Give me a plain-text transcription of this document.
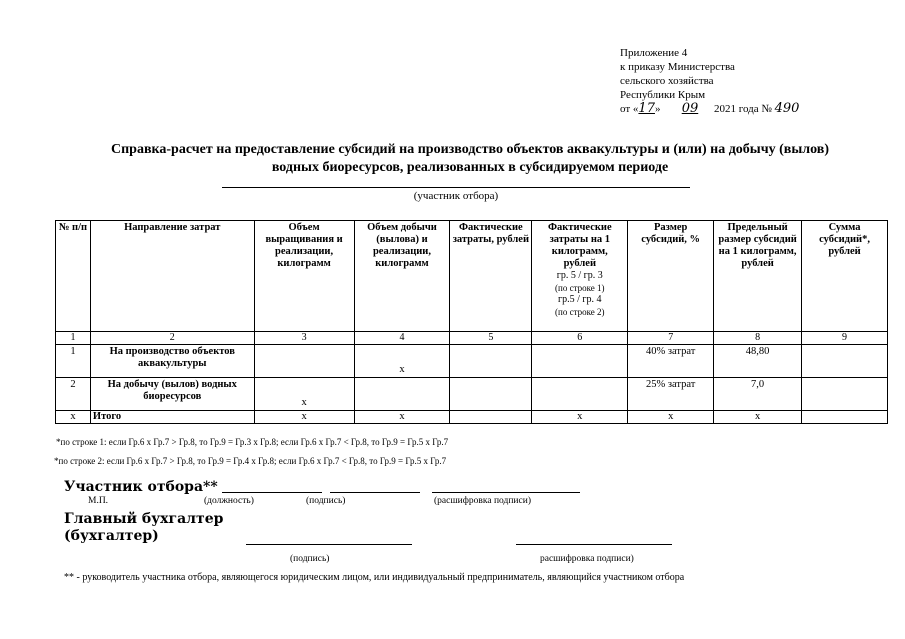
Приложение 4
к приказу Министерства
сельского хозяйства
Республики Крым
от «17» 09 2021 года № 490
Справка-расчет на предоставление субсидий на производство объектов аквакультуры и (или) на добычу (вылов)
водных биоресурсов, реализованных в субсидируемом периоде
(участник отбора)
№ п/п	Направление затрат	Объем выращивания и реализации, килограмм	Объем добычи (вылова) и реализации, килограмм	Фактические затраты, рублей	Фактические затраты на 1 килограмм, рублей
гр. 5 / гр. 3
(по строке 1)
гр.5 / гр. 4
(по строке 2)	Размер субсидий, %	Предельный размер субсидий на 1 килограмм, рублей	Сумма субсидий*, рублей
1	2	3	4	5	6	7	8	9
1	На производство объектов аквакультуры		х			40% затрат	48,80	
2	На добычу (вылов) водных биоресурсов	х				25% затрат	7,0	
х	Итого	х	х		х	х	х	
*по строке 1: если Гр.6 х Гр.7 > Гр.8, то Гр.9 = Гр.3 х Гр.8; если Гр.6 х Гр.7 < Гр.8, то Гр.9 = Гр.5 х Гр.7
*по строке 2: если Гр.6 х Гр.7 > Гр.8, то Гр.9 = Гр.4 х Гр.8; если Гр.6 х Гр.7 < Гр.8, то Гр.9 = Гр.5 х Гр.7
Участник отбора**
М.П.	(должность)	(подпись)	(расшифровка подписи)
Главный бухгалтер
(бухгалтер)
(подпись)	расшифровка подписи)
** - руководитель участника отбора, являющегося юридическим лицом, или индивидуальный предприниматель, являющийся участником отбора
